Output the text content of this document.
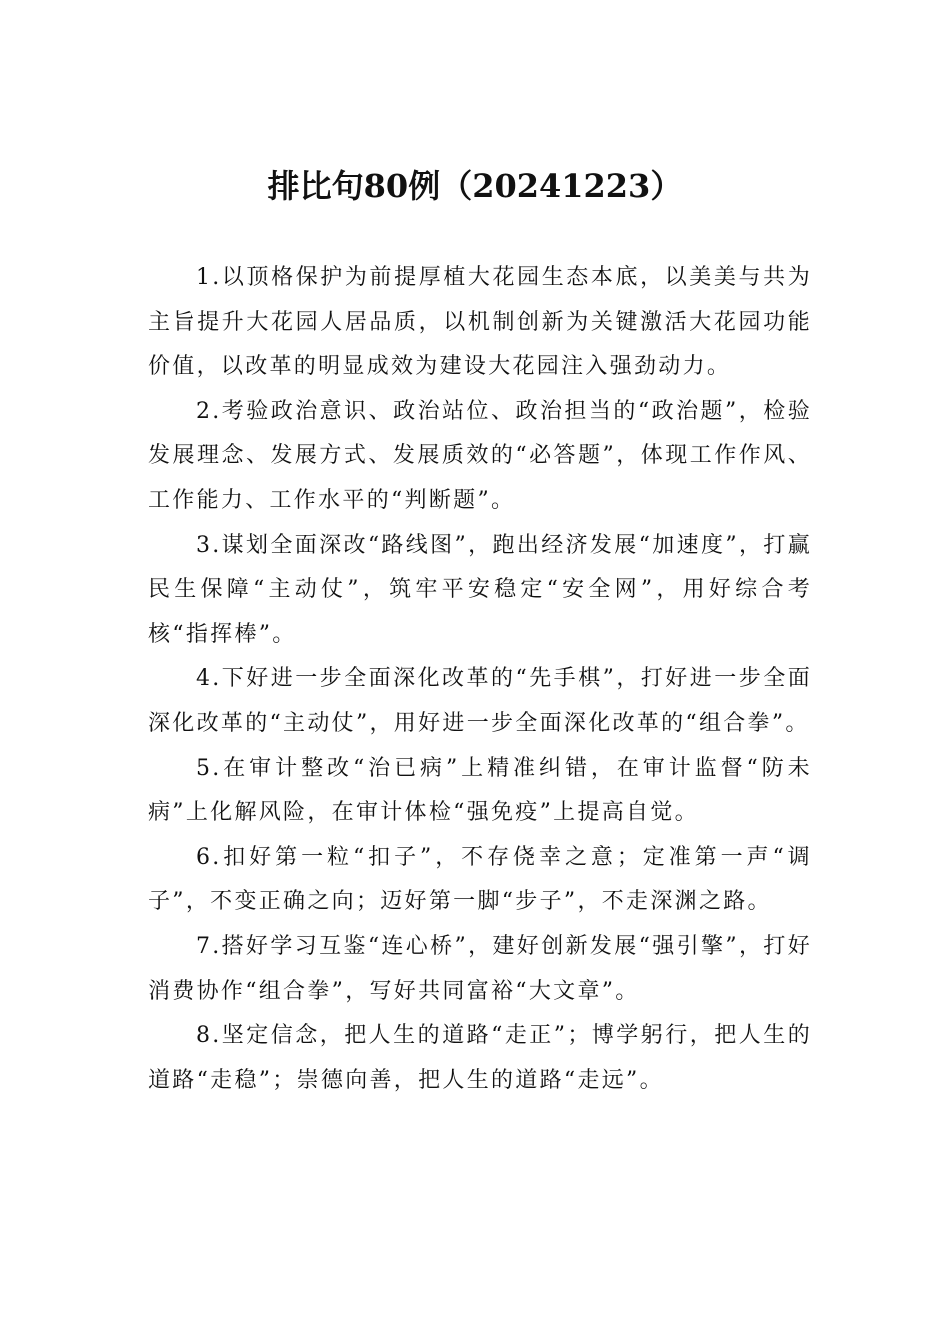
排比句80例（20241223）

1.以顶格保护为前提厚植大花园生态本底，以美美与共为主旨提升大花园人居品质，以机制创新为关键激活大花园功能价值，以改革的明显成效为建设大花园注入强劲动力。

2.考验政治意识、政治站位、政治担当的“政治题”，检验发展理念、发展方式、发展质效的“必答题”，体现工作作风、工作能力、工作水平的“判断题”。

3.谋划全面深改“路线图”，跑出经济发展“加速度”，打赢民生保障“主动仗”，筑牢平安稳定“安全网”，用好综合考核“指挥棒”。

4.下好进一步全面深化改革的“先手棋”，打好进一步全面深化改革的“主动仗”，用好进一步全面深化改革的“组合拳”。

5.在审计整改“治已病”上精准纠错，在审计监督“防未病”上化解风险，在审计体检“强免疫”上提高自觉。

6.扣好第一粒“扣子”，不存侥幸之意；定准第一声“调子”，不变正确之向；迈好第一脚“步子”，不走深渊之路。

7.搭好学习互鉴“连心桥”，建好创新发展“强引擎”，打好消费协作“组合拳”，写好共同富裕“大文章”。

8.坚定信念，把人生的道路“走正”；博学躬行，把人生的道路“走稳”；崇德向善，把人生的道路“走远”。
